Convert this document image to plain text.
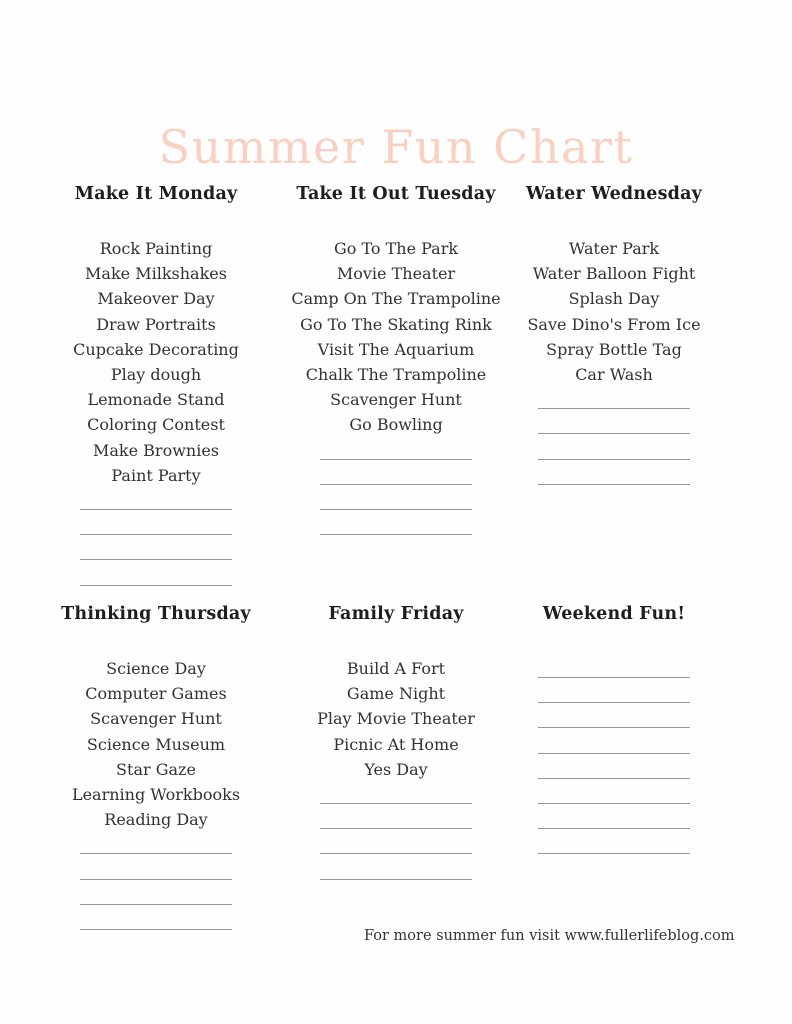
Summer Fun Chart
Make It Monday
Rock Painting
Make Milkshakes
Makeover Day
Draw Portraits
Cupcake Decorating
Play dough
Lemonade Stand
Coloring Contest
Make Brownies
Paint Party
___________________
___________________
___________________
___________________
Take It Out Tuesday
Go To The Park
Movie Theater
Camp On The Trampoline
Go To The Skating Rink
Visit The Aquarium
Chalk The Trampoline
Scavenger Hunt
Go Bowling
___________________
___________________
___________________
___________________
Water Wednesday
Water Park
Water Balloon Fight
Splash Day
Save Dino's From Ice
Spray Bottle Tag
Car Wash
___________________
___________________
___________________
___________________
Thinking Thursday
Science Day
Computer Games
Scavenger Hunt
Science Museum
Star Gaze
Learning Workbooks
Reading Day
___________________
___________________
___________________
___________________
Family Friday
Build A Fort
Game Night
Play Movie Theater
Picnic At Home
Yes Day
___________________
___________________
___________________
___________________
Weekend Fun!
___________________
___________________
___________________
___________________
___________________
___________________
___________________
___________________
For more summer fun visit www.fullerlifeblog.com
